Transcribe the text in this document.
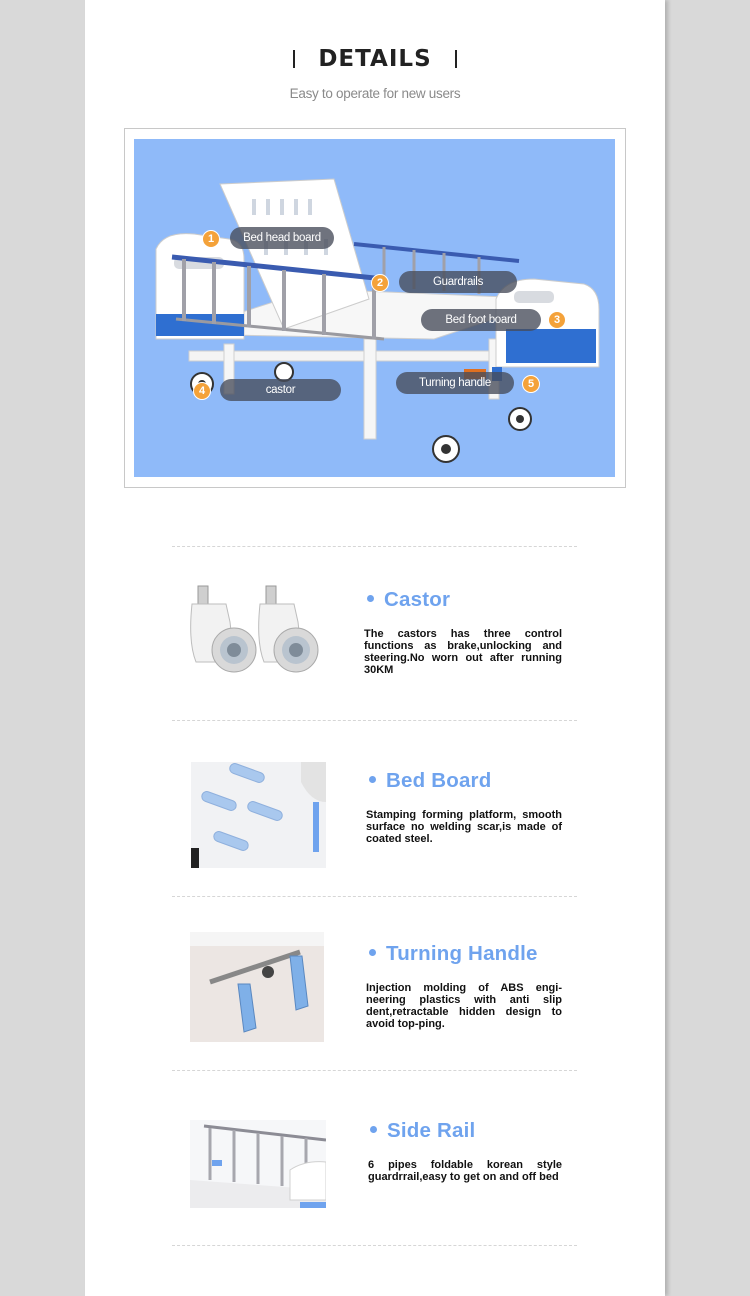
DETAILS
Easy to operate for new users
1	Bed head board
2	Guardrails
3
Bed foot board
4	castor	5
Turning handle
Castor
The castors has three control functions as brake,unlocking and steering.No worn out after running 30KM
Bed Board
Stamping forming platform, smooth surface no welding scar,is made of coated steel.
Turning Handle
Injection molding of ABS engi-neering plastics with anti slip dent,retractable hidden design to avoid top-ping.
Side Rail
6 pipes foldable korean style guardrrail,easy to get on and off bed
